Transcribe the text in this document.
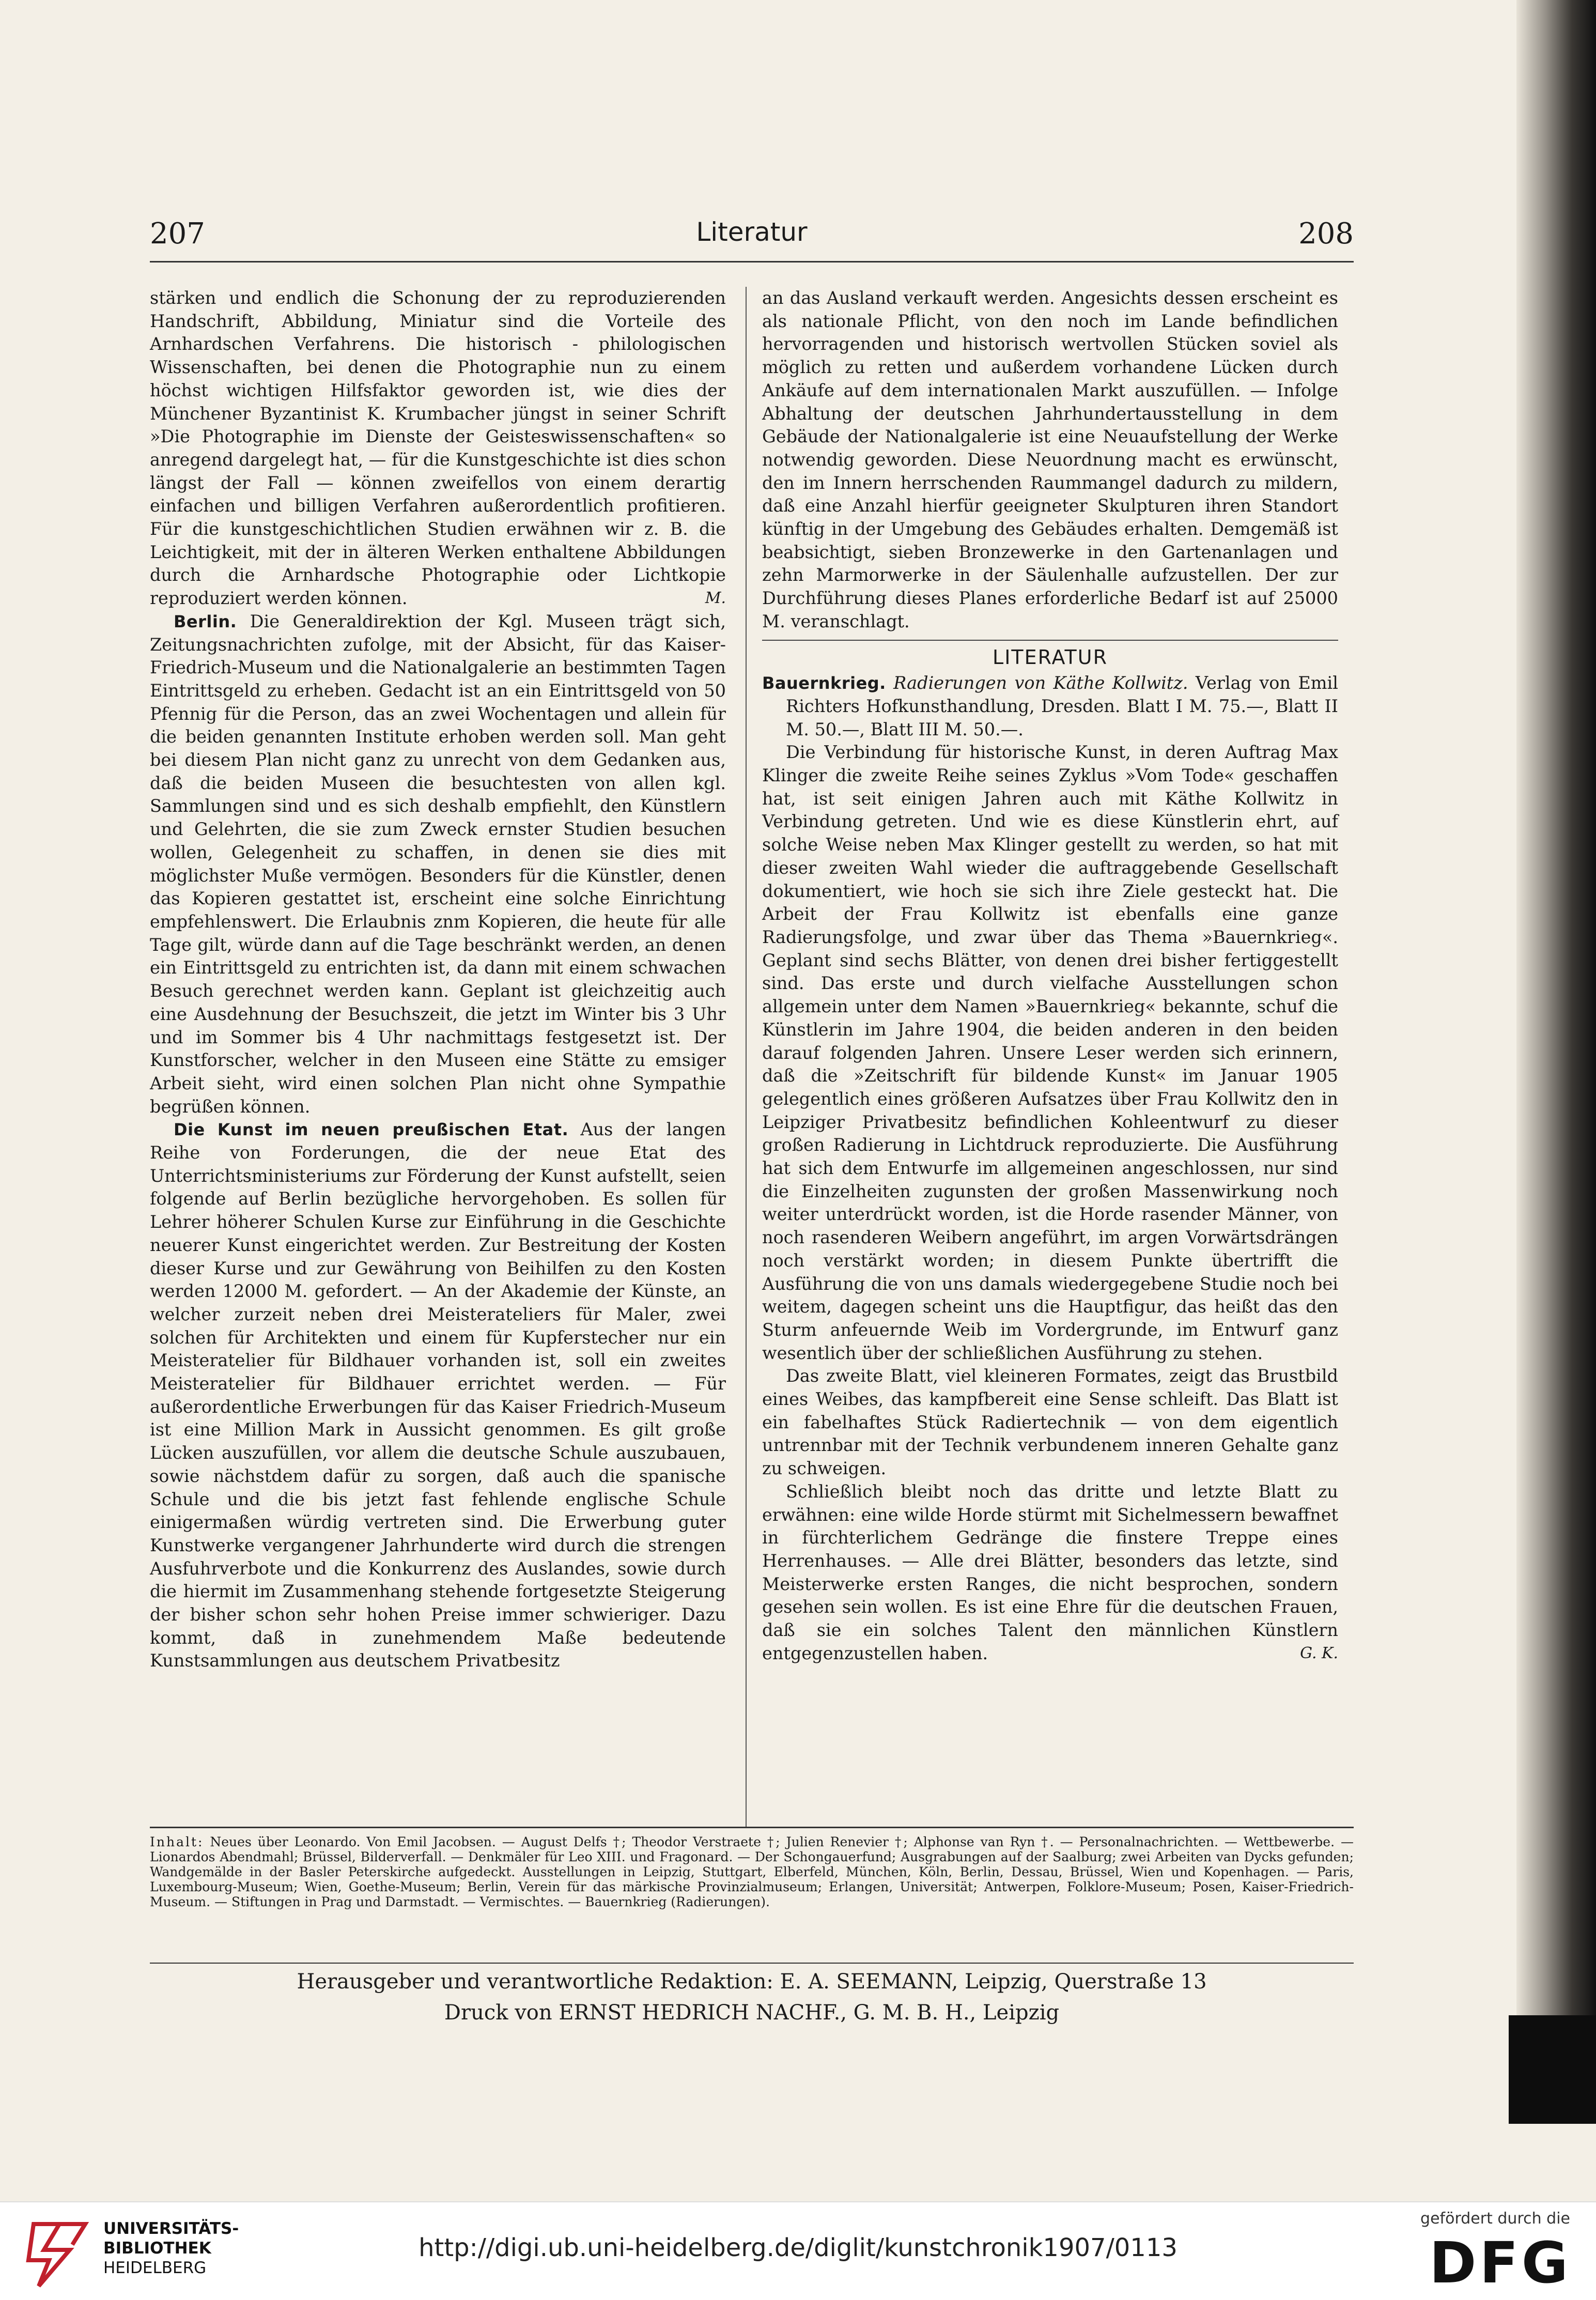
207	Literatur	208

stärken und endlich die Schonung der zu reproduzierenden Handschrift, Abbildung, Miniatur sind die Vorteile des Arnhardschen Verfahrens. Die historisch - philologischen Wissenschaften, bei denen die Photographie nun zu einem höchst wichtigen Hilfsfaktor geworden ist, wie dies der Münchener Byzantinist K. Krumbacher jüngst in seiner Schrift »Die Photographie im Dienste der Geisteswissenschaften« so anregend dargelegt hat, — für die Kunstgeschichte ist dies schon längst der Fall — können zweifellos von einem derartig einfachen und billigen Verfahren außerordentlich profitieren. Für die kunstgeschichtlichen Studien erwähnen wir z. B. die Leichtigkeit, mit der in älteren Werken enthaltene Abbildungen durch die Arnhardsche Photographie oder Lichtkopie reproduziert werden können.	M.

Berlin. Die Generaldirektion der Kgl. Museen trägt sich, Zeitungsnachrichten zufolge, mit der Absicht, für das Kaiser-Friedrich-Museum und die Nationalgalerie an bestimmten Tagen Eintrittsgeld zu erheben. Gedacht ist an ein Eintrittsgeld von 50 Pfennig für die Person, das an zwei Wochentagen und allein für die beiden genannten Institute erhoben werden soll. Man geht bei diesem Plan nicht ganz zu unrecht von dem Gedanken aus, daß die beiden Museen die besuchtesten von allen kgl. Sammlungen sind und es sich deshalb empfiehlt, den Künstlern und Gelehrten, die sie zum Zweck ernster Studien besuchen wollen, Gelegenheit zu schaffen, in denen sie dies mit möglichster Muße vermögen. Besonders für die Künstler, denen das Kopieren gestattet ist, erscheint eine solche Einrichtung empfehlenswert. Die Erlaubnis znm Kopieren, die heute für alle Tage gilt, würde dann auf die Tage beschränkt werden, an denen ein Eintrittsgeld zu entrichten ist, da dann mit einem schwachen Besuch gerechnet werden kann. Geplant ist gleichzeitig auch eine Ausdehnung der Besuchszeit, die jetzt im Winter bis 3 Uhr und im Sommer bis 4 Uhr nachmittags festgesetzt ist. Der Kunstforscher, welcher in den Museen eine Stätte zu emsiger Arbeit sieht, wird einen solchen Plan nicht ohne Sympathie begrüßen können.

Die Kunst im neuen preußischen Etat. Aus der langen Reihe von Forderungen, die der neue Etat des Unterrichtsministeriums zur Förderung der Kunst aufstellt, seien folgende auf Berlin bezügliche hervorgehoben. Es sollen für Lehrer höherer Schulen Kurse zur Einführung in die Geschichte neuerer Kunst eingerichtet werden. Zur Bestreitung der Kosten dieser Kurse und zur Gewährung von Beihilfen zu den Kosten werden 12000 M. gefordert. — An der Akademie der Künste, an welcher zurzeit neben drei Meisterateliers für Maler, zwei solchen für Architekten und einem für Kupferstecher nur ein Meisteratelier für Bildhauer vorhanden ist, soll ein zweites Meisteratelier für Bildhauer errichtet werden. — Für außerordentliche Erwerbungen für das Kaiser Friedrich-Museum ist eine Million Mark in Aussicht genommen. Es gilt große Lücken auszufüllen, vor allem die deutsche Schule auszubauen, sowie nächstdem dafür zu sorgen, daß auch die spanische Schule und die bis jetzt fast fehlende englische Schule einigermaßen würdig vertreten sind. Die Erwerbung guter Kunstwerke vergangener Jahrhunderte wird durch die strengen Ausfuhrverbote und die Konkurrenz des Auslandes, sowie durch die hiermit im Zusammenhang stehende fortgesetzte Steigerung der bisher schon sehr hohen Preise immer schwieriger. Dazu kommt, daß in zunehmendem Maße bedeutende Kunstsammlungen aus deutschem Privatbesitz

an das Ausland verkauft werden. Angesichts dessen erscheint es als nationale Pflicht, von den noch im Lande befindlichen hervorragenden und historisch wertvollen Stücken soviel als möglich zu retten und außerdem vorhandene Lücken durch Ankäufe auf dem internationalen Markt auszufüllen. — Infolge Abhaltung der deutschen Jahrhundertausstellung in dem Gebäude der Nationalgalerie ist eine Neuaufstellung der Werke notwendig geworden. Diese Neuordnung macht es erwünscht, den im Innern herrschenden Raummangel dadurch zu mildern, daß eine Anzahl hierfür geeigneter Skulpturen ihren Standort künftig in der Umgebung des Gebäudes erhalten. Demgemäß ist beabsichtigt, sieben Bronzewerke in den Gartenanlagen und zehn Marmorwerke in der Säulenhalle aufzustellen. Der zur Durchführung dieses Planes erforderliche Bedarf ist auf 25000 M. veranschlagt.

LITERATUR

Bauernkrieg. Radierungen von Käthe Kollwitz. Verlag von Emil Richters Hofkunsthandlung, Dresden. Blatt I M. 75.—, Blatt II M. 50.—, Blatt III M. 50.—.

Die Verbindung für historische Kunst, in deren Auftrag Max Klinger die zweite Reihe seines Zyklus »Vom Tode« geschaffen hat, ist seit einigen Jahren auch mit Käthe Kollwitz in Verbindung getreten. Und wie es diese Künstlerin ehrt, auf solche Weise neben Max Klinger gestellt zu werden, so hat mit dieser zweiten Wahl wieder die auftraggebende Gesellschaft dokumentiert, wie hoch sie sich ihre Ziele gesteckt hat. Die Arbeit der Frau Kollwitz ist ebenfalls eine ganze Radierungsfolge, und zwar über das Thema »Bauernkrieg«. Geplant sind sechs Blätter, von denen drei bisher fertiggestellt sind. Das erste und durch vielfache Ausstellungen schon allgemein unter dem Namen »Bauernkrieg« bekannte, schuf die Künstlerin im Jahre 1904, die beiden anderen in den beiden darauf folgenden Jahren. Unsere Leser werden sich erinnern, daß die »Zeitschrift für bildende Kunst« im Januar 1905 gelegentlich eines größeren Aufsatzes über Frau Kollwitz den in Leipziger Privatbesitz befindlichen Kohleentwurf zu dieser großen Radierung in Lichtdruck reproduzierte. Die Ausführung hat sich dem Entwurfe im allgemeinen angeschlossen, nur sind die Einzelheiten zugunsten der großen Massenwirkung noch weiter unterdrückt worden, ist die Horde rasender Männer, von noch rasenderen Weibern angeführt, im argen Vorwärtsdrängen noch verstärkt worden; in diesem Punkte übertrifft die Ausführung die von uns damals wiedergegebene Studie noch bei weitem, dagegen scheint uns die Hauptfigur, das heißt das den Sturm anfeuernde Weib im Vordergrunde, im Entwurf ganz wesentlich über der schließlichen Ausführung zu stehen.

Das zweite Blatt, viel kleineren Formates, zeigt das Brustbild eines Weibes, das kampfbereit eine Sense schleift. Das Blatt ist ein fabelhaftes Stück Radiertechnik — von dem eigentlich untrennbar mit der Technik verbundenem inneren Gehalte ganz zu schweigen.

Schließlich bleibt noch das dritte und letzte Blatt zu erwähnen: eine wilde Horde stürmt mit Sichelmessern bewaffnet in fürchterlichem Gedränge die finstere Treppe eines Herrenhauses. — Alle drei Blätter, besonders das letzte, sind Meisterwerke ersten Ranges, die nicht besprochen, sondern gesehen sein wollen. Es ist eine Ehre für die deutschen Frauen, daß sie ein solches Talent den männlichen Künstlern entgegenzustellen haben.	G. K.

Inhalt: Neues über Leonardo. Von Emil Jacobsen. — August Delfs †; Theodor Verstraete †; Julien Renevier †; Alphonse van Ryn †. — Personalnachrichten. — Wettbewerbe. — Lionardos Abendmahl; Brüssel, Bilderverfall. — Denkmäler für Leo XIII. und Fragonard. — Der Schongauerfund; Ausgrabungen auf der Saalburg; zwei Arbeiten van Dycks gefunden; Wandgemälde in der Basler Peterskirche aufgedeckt. Ausstellungen in Leipzig, Stuttgart, Elberfeld, München, Köln, Berlin, Dessau, Brüssel, Wien und Kopenhagen. — Paris, Luxembourg-Museum; Wien, Goethe-Museum; Berlin, Verein für das märkische Provinzialmuseum; Erlangen, Universität; Antwerpen, Folklore-Museum; Posen, Kaiser-Friedrich-Museum. — Stiftungen in Prag und Darmstadt. — Vermischtes. — Bauernkrieg (Radierungen).
Herausgeber und verantwortliche Redaktion: E. A. SEEMANN, Leipzig, Querstraße 13
Druck von ERNST HEDRICH NACHF., G. M. B. H., Leipzig
UNIVERSITÄTS-
BIBLIOTHEK
HEIDELBERG
http://digi.ub.uni-heidelberg.de/diglit/kunstchronik1907/0113
gefördert durch die
DFG
